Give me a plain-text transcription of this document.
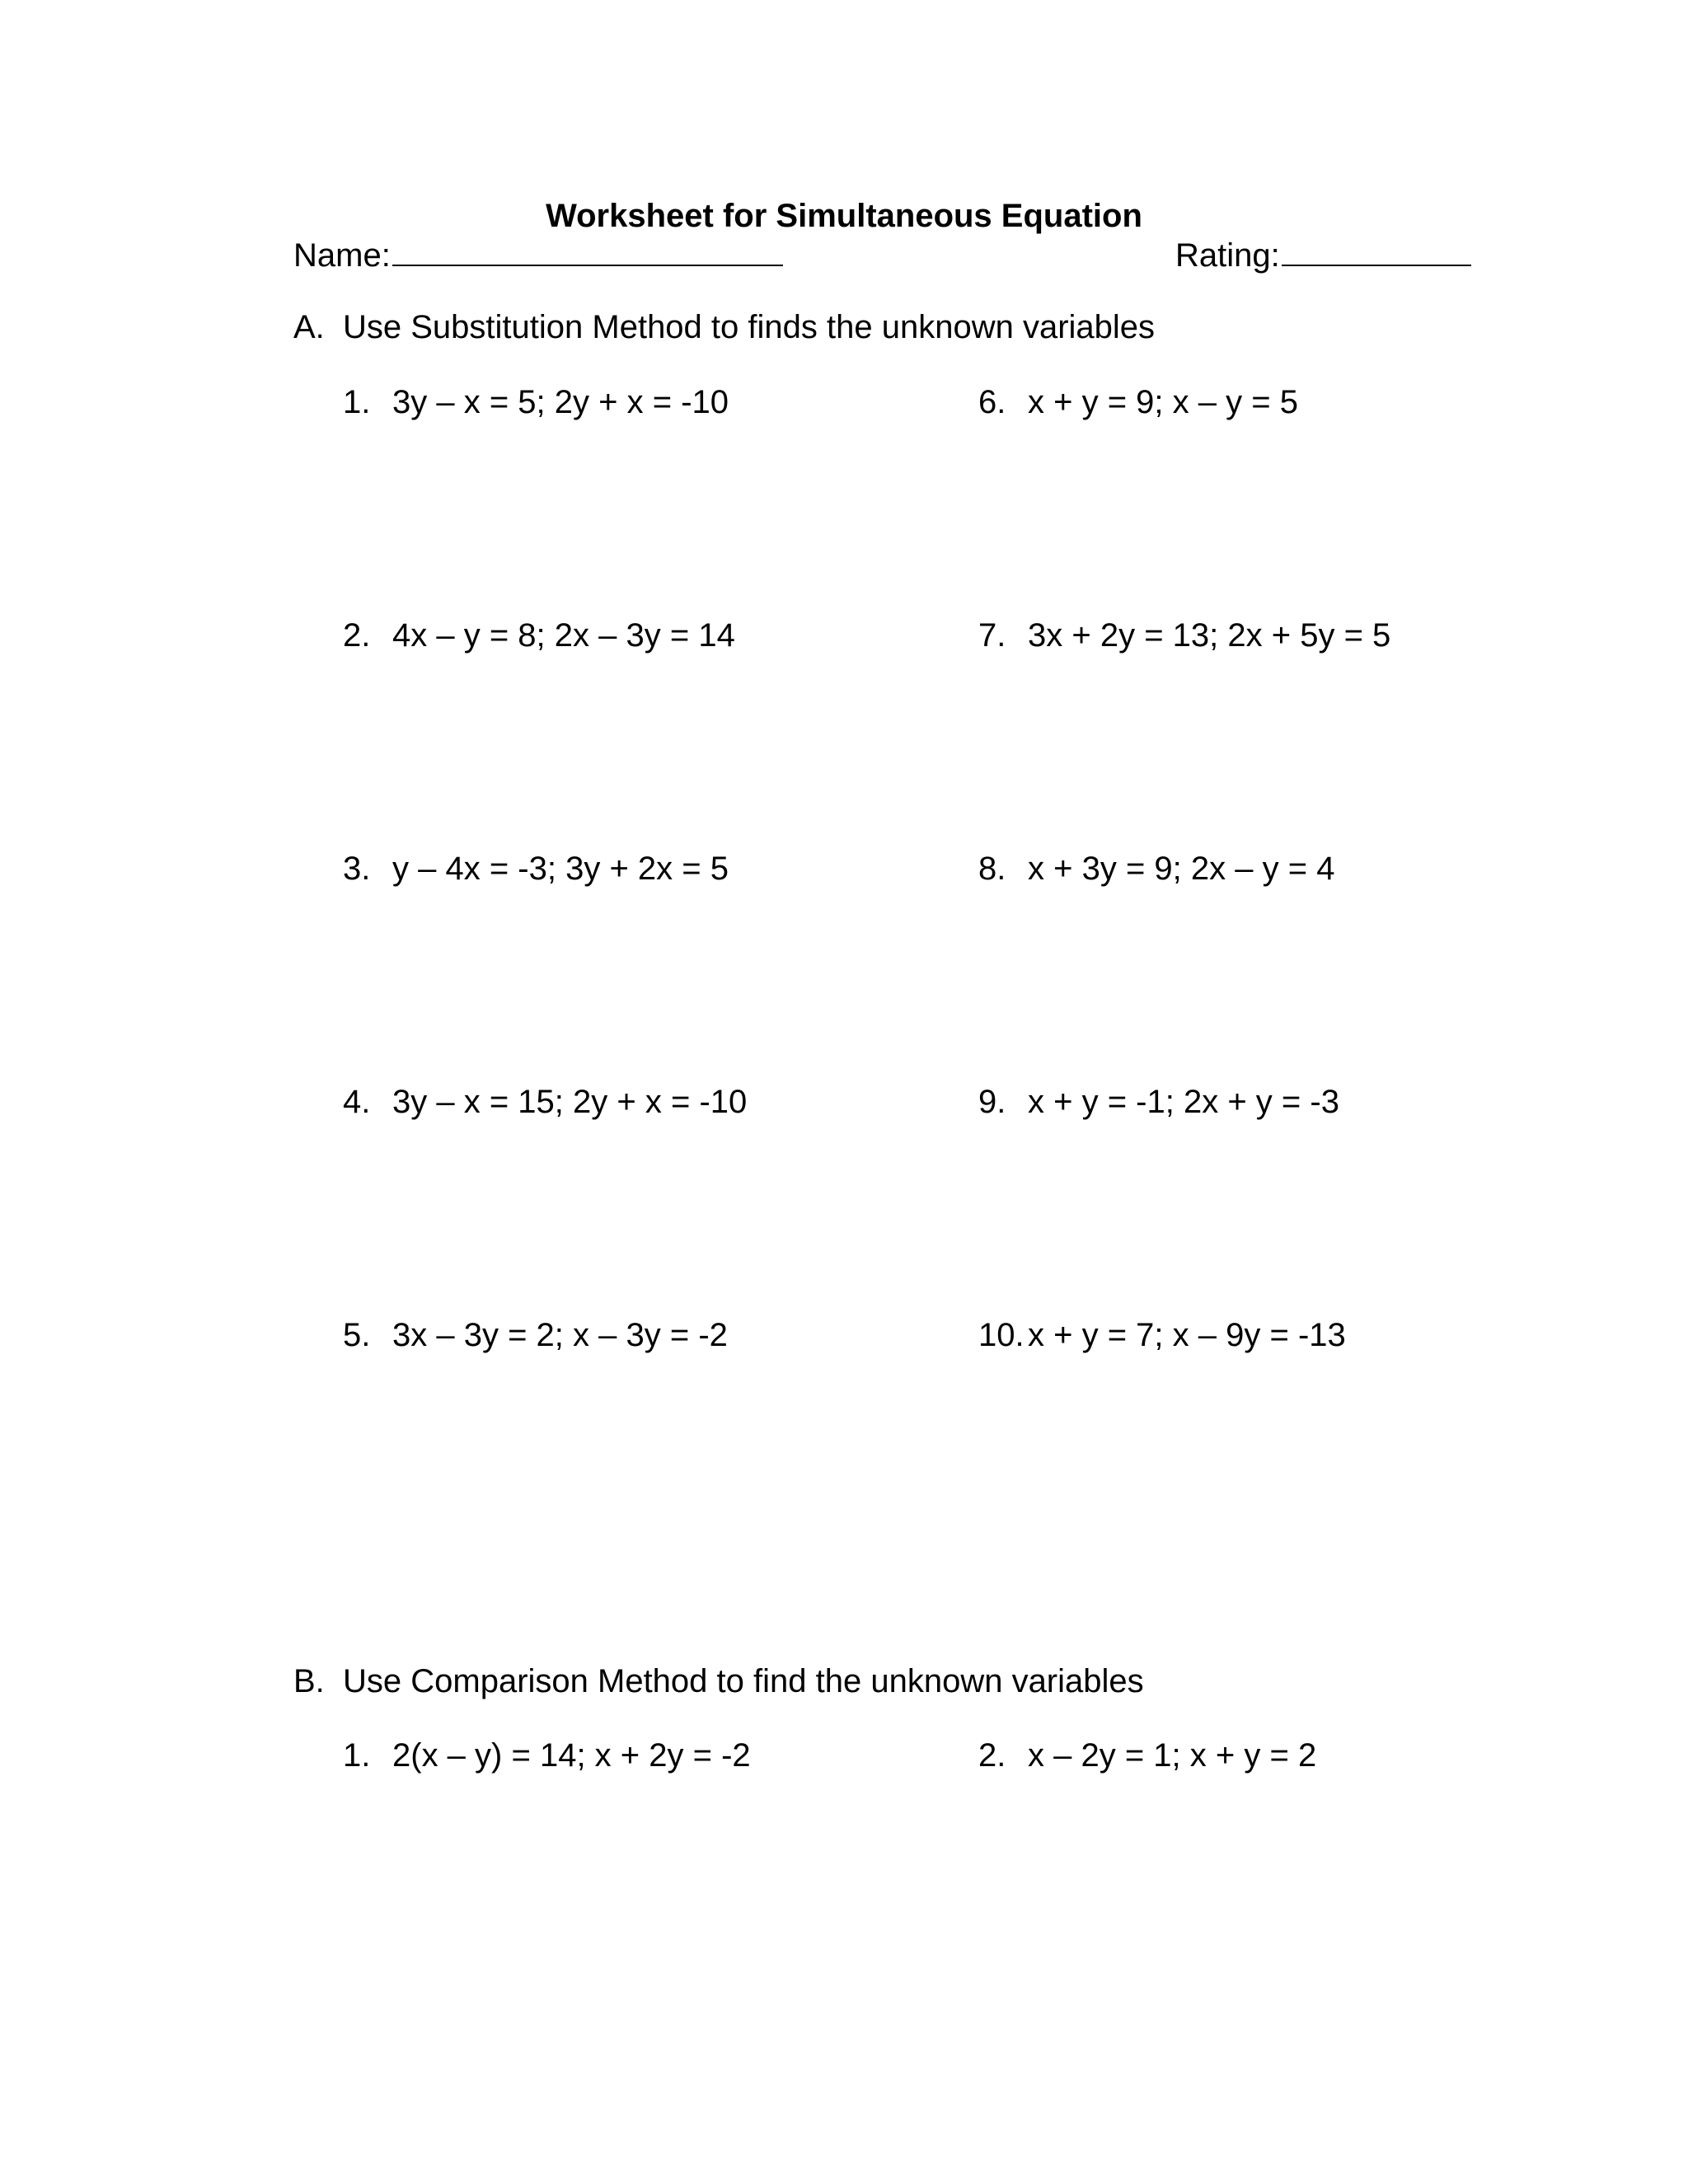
Worksheet for Simultaneous Equation
Name:	Rating:
A. Use Substitution Method to finds the unknown variables
1. 3y – x = 5; 2y + x = -10
2. 4x – y = 8; 2x – 3y = 14
3. y – 4x = -3; 3y + 2x = 5
4. 3y – x = 15; 2y + x = -10
5. 3x – 3y = 2; x – 3y = -2
6. x + y = 9; x – y = 5
7. 3x + 2y = 13; 2x + 5y = 5
8. x + 3y = 9; 2x – y = 4
9. x + y = -1; 2x + y = -3
10. x + y = 7; x – 9y = -13
B. Use Comparison Method to find the unknown variables
1. 2(x – y) = 14; x + 2y = -2	2. x – 2y = 1; x + y = 2
